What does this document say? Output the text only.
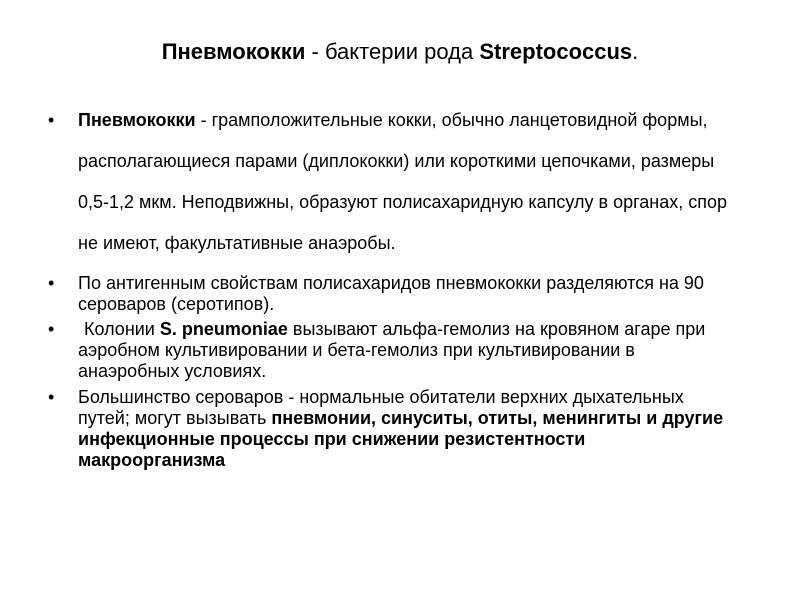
Пневмококки - бактерии рода Streptococcus.
•	Пневмококки - грамположительные кокки, обычно ланцетовидной формы, располагающиеся парами (диплококки) или короткими цепочками, размеры 0,5-1,2 мкм. Неподвижны, образуют полисахаридную капсулу в органах, спор не имеют, факультативные анаэробы.
•	По антигенным свойствам полисахаридов пневмококки разделяются на 90 сероваров (серотипов).
•	Колонии S. pneumoniae вызывают альфа-гемолиз на кровяном агаре при аэробном культивировании и бета-гемолиз при культивировании в анаэробных условиях.
•	Большинство сероваров - нормальные обитатели верхних дыхательных путей; могут вызывать пневмонии, синуситы, отиты, менингиты и другие инфекционные процессы при снижении резистентности макроорганизма
